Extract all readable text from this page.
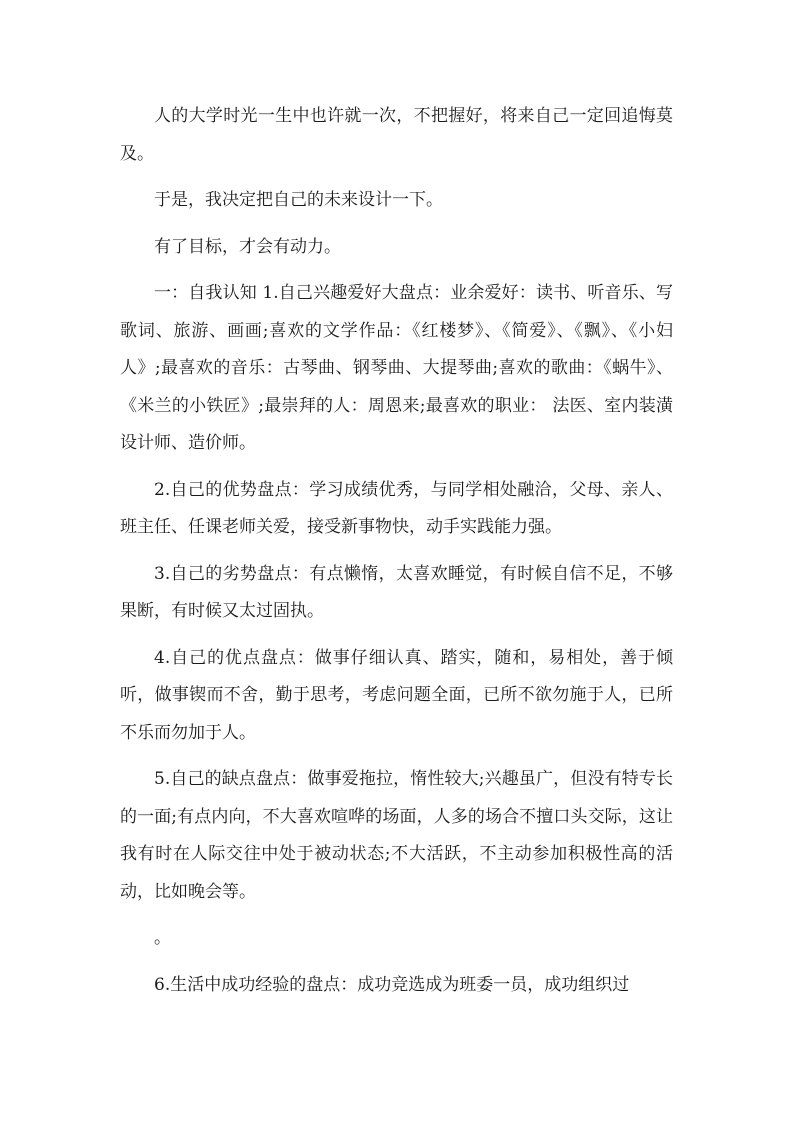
人的大学时光一生中也许就一次，不把握好，将来自己一定回追悔莫及。

于是，我决定把自己的未来设计一下。

有了目标，才会有动力。

一：自我认知 1.自己兴趣爱好大盘点：业余爱好：读书、听音乐、写歌词、旅游、画画;喜欢的文学作品：《红楼梦》、《简爱》、《飘》、《小妇人》;最喜欢的音乐：古琴曲、钢琴曲、大提琴曲;喜欢的歌曲：《蜗牛》、《米兰的小铁匠》;最崇拜的人：周恩来;最喜欢的职业： 法医、室内装潢设计师、造价师。

2.自己的优势盘点：学习成绩优秀，与同学相处融洽，父母、亲人、班主任、任课老师关爱，接受新事物快，动手实践能力强。

3.自己的劣势盘点：有点懒惰，太喜欢睡觉，有时候自信不足，不够果断，有时候又太过固执。

4.自己的优点盘点：做事仔细认真、踏实，随和，易相处，善于倾听，做事锲而不舍，勤于思考，考虑问题全面，已所不欲勿施于人，已所不乐而勿加于人。

5.自己的缺点盘点：做事爱拖拉，惰性较大;兴趣虽广，但没有特专长的一面;有点内向，不大喜欢喧哗的场面，人多的场合不擅口头交际，这让我有时在人际交往中处于被动状态;不大活跃，不主动参加积极性高的活动，比如晚会等。

。

6.生活中成功经验的盘点：成功竞选成为班委一员，成功组织过
